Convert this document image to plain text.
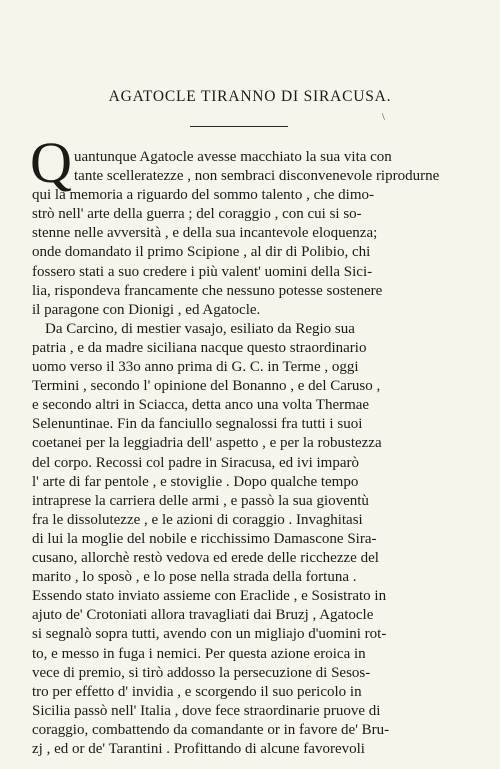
AGATOCLE TIRANNO DI SIRACUSA.
\
Q uantunque Agatocle avesse macchiato la sua vita con
tante scelleratezze , non sembraci disconvenevole riprodurne
qui la memoria a riguardo del sommo talento , che dimo-
strò nell' arte della guerra ; del coraggio , con cui si so-
stenne nelle avversità , e della sua incantevole eloquenza;
onde domandato il primo Scipione , al dir di Polibio, chi
fossero stati a suo credere i più valent' uomini della Sici-
lia, rispondeva francamente che nessuno potesse sostenere
il paragone con Dionigi , ed Agatocle.
Da Carcino, di mestier vasajo, esiliato da Regio sua
patria , e da madre siciliana nacque questo straordinario
uomo verso il 33o anno prima di G. C. in Terme , oggi
Termini , secondo l' opinione del Bonanno , e del Caruso ,
e secondo altri in Sciacca, detta anco una volta Thermae
Selenuntinae. Fin da fanciullo segnalossi fra tutti i suoi
coetanei per la leggiadria dell' aspetto , e per la robustezza
del corpo. Recossi col padre in Siracusa, ed ivi imparò
l' arte di far pentole , e stoviglie . Dopo qualche tempo
intraprese la carriera delle armi , e passò la sua gioventù
fra le dissolutezze , e le azioni di coraggio . Invaghitasi
di lui la moglie del nobile e ricchissimo Damascone Sira-
cusano, allorchè restò vedova ed erede delle ricchezze del
marito , lo sposò , e lo pose nella strada della fortuna .
Essendo stato inviato assieme con Eraclide , e Sosistrato in
ajuto de' Crotoniati allora travagliati dai Bruzj , Agatocle
si segnalò sopra tutti, avendo con un migliajo d'uomini rot-
to, e messo in fuga i nemici. Per questa azione eroica in
vece di premio, si tirò addosso la persecuzione di Sesos-
tro per effetto d' invidia , e scorgendo il suo pericolo in
Sicilia passò nell' Italia , dove fece straordinarie pruove di
coraggio, combattendo da comandante or in favore de' Bru-
zj , ed or de' Tarantini . Profittando di alcune favorevoli
